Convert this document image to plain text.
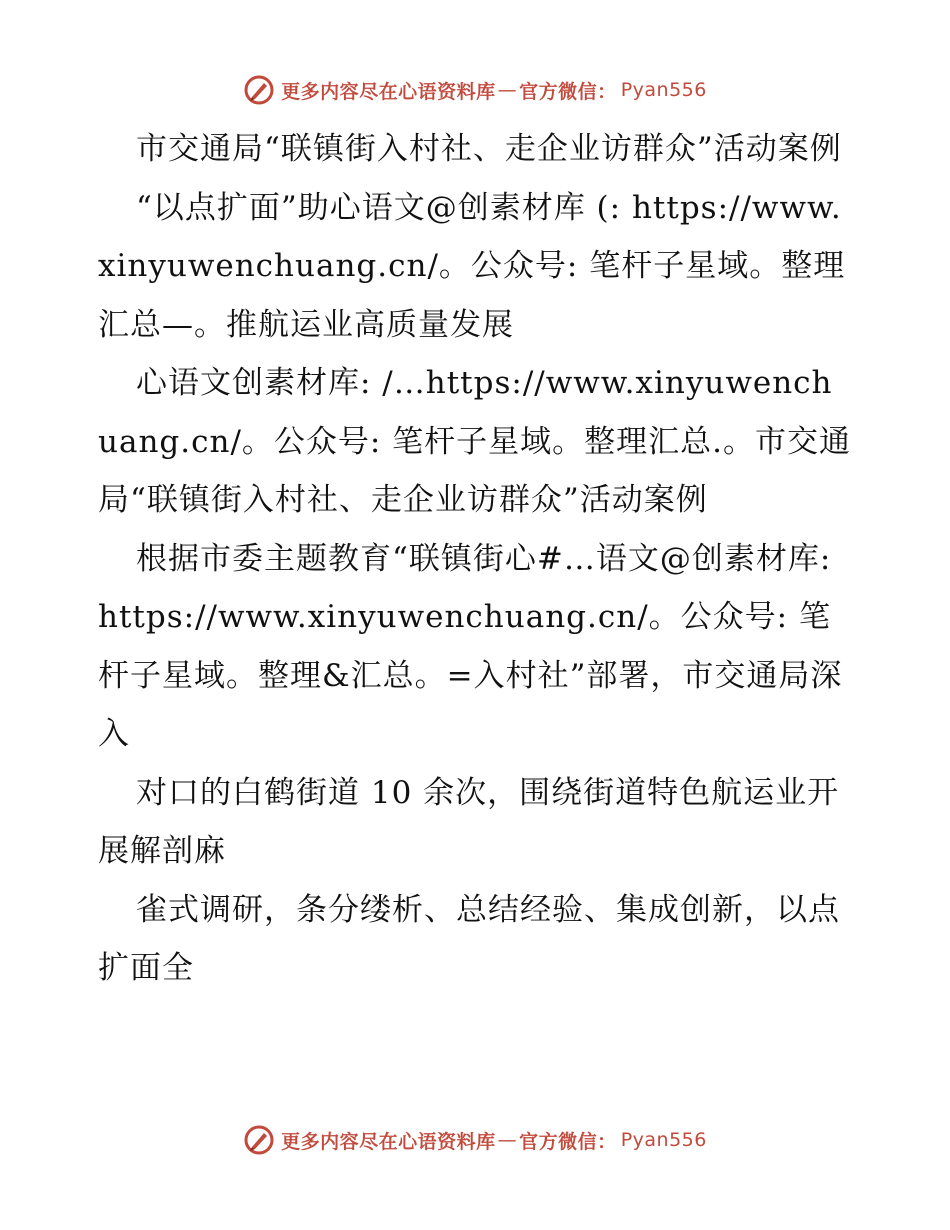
更多内容尽在心语资料库 — 官方微信： Pyan556

市交通局“联镇街入村社、走企业访群众”活动案例

“以点扩面”助心语文@创素材库 (: https://www.xinyuwenchuang.cn/。公众号: 笔杆子星域。整理汇总—。推航运业高质量发展

心语文创素材库: /…https://www.xinyuwenchuang.cn/。公众号: 笔杆子星域。整理汇总.。市交通局“联镇街入村社、走企业访群众”活动案例

根据市委主题教育“联镇街心#…语文@创素材库: https://www.xinyuwenchuang.cn/。公众号: 笔杆子星域。整理&汇总。=入村社”部署，市交通局深入

对口的白鹤街道 10 余次，围绕街道特色航运业开展解剖麻

雀式调研，条分缕析、总结经验、集成创新，以点扩面全

更多内容尽在心语资料库 — 官方微信： Pyan556
